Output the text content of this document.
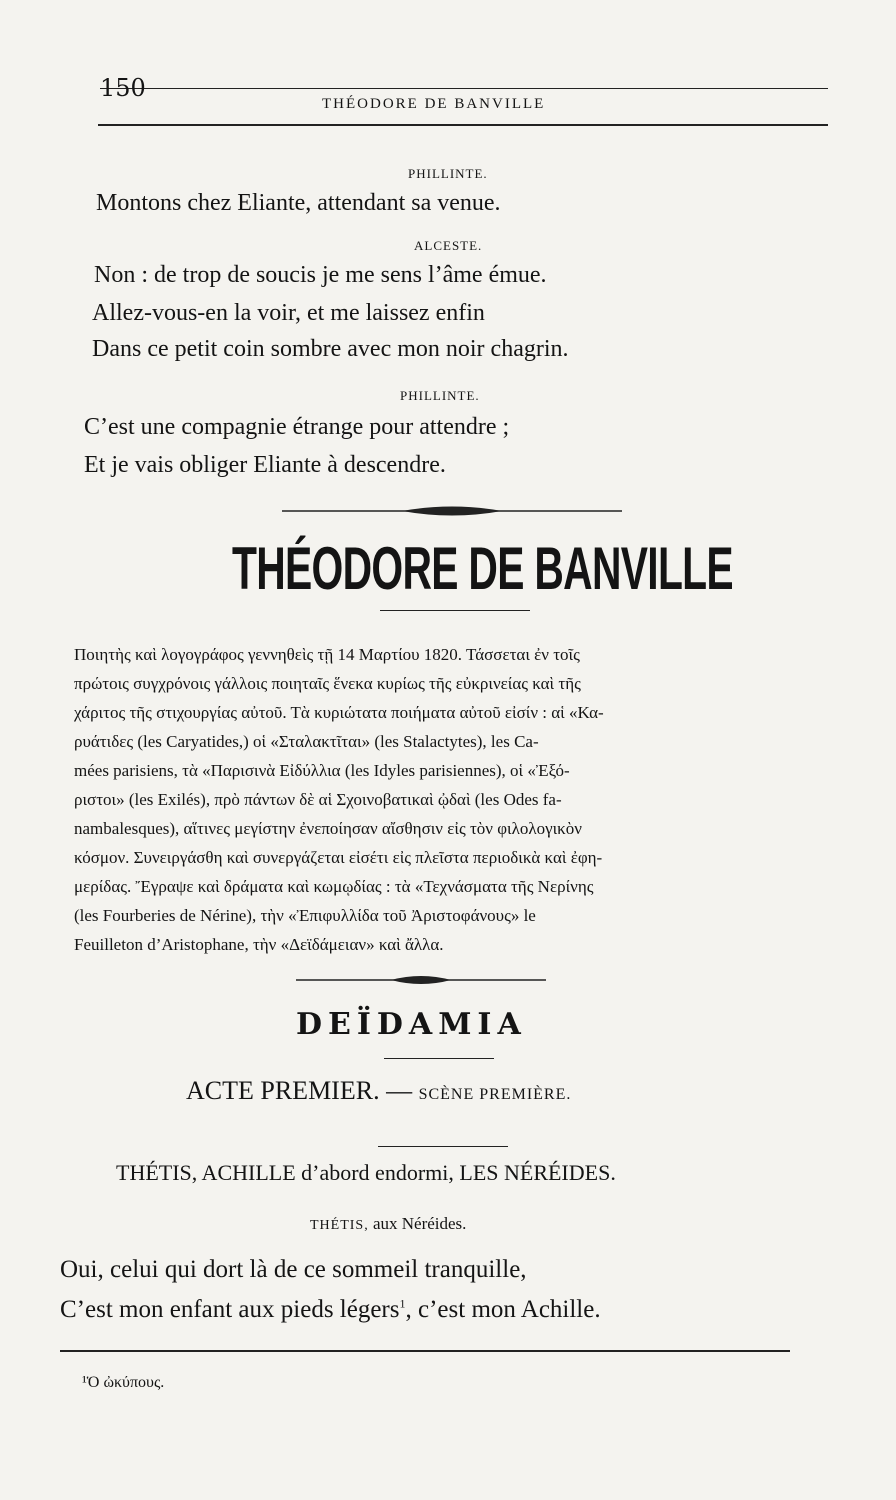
150
THÉODORE DE BANVILLE
PHILLINTE.
Montons chez Eliante, attendant sa venue.
ALCESTE.
Non : de trop de soucis je me sens l’âme émue.
Allez-vous-en la voir, et me laissez enfin
Dans ce petit coin sombre avec mon noir chagrin.
PHILLINTE.
C’est une compagnie étrange pour attendre ;
Et je vais obliger Eliante à descendre.
THÉODORE DE BANVILLE
Ποιητὴς καὶ λογογράφος γεννηθεὶς τῇ 14 Μαρτίου 1820. Τάσσεται ἐν τοῖς
πρώτοις συγχρόνοις γάλλοις ποιηταῖς ἕνεκα κυρίως τῆς εὐκρινείας καὶ τῆς
χάριτος τῆς στιχουργίας αὐτοῦ. Τὰ κυριώτατα ποιήματα αὐτοῦ εἰσίν : αἱ «Κα-
ρυάτιδες (les Caryatides,) οἱ «Σταλακτῖται» (les Stalactytes), les Ca-
mées parisiens, τὰ «Παρισινὰ Εἰδύλλια (les Idyles parisiennes), οἱ «Ἐξό-
ριστοι» (les Exilés), πρὸ πάντων δὲ αἱ Σχοινοβατικαὶ ᾠδαὶ (les Odes fa-
nambalesques), αἵτινες μεγίστην ἐνεποίησαν αἴσθησιν εἰς τὸν φιλολογικὸν
κόσμον. Συνειργάσθη καὶ συνεργάζεται εἰσέτι εἰς πλεῖστα περιοδικὰ καὶ ἐφη-
μερίδας. Ἔγραψε καὶ δράματα καὶ κωμῳδίας : τὰ «Τεχνάσματα τῆς Νερίνης
(les Fourberies de Nérine), τὴν «Ἐπιφυλλίδα τοῦ Ἀριστοφάνους» le
Feuilleton d’Aristophane, τὴν «Δεϊδάμειαν» καὶ ἄλλα.
DEÏDAMIA
ACTE PREMIER. — SCÈNE PREMIÈRE.
THÉTIS, ACHILLE d’abord endormi, LES NÉRÉIDES.
THÉTIS, aux Néréides.
Oui, celui qui dort là de ce sommeil tranquille,
C’est mon enfant aux pieds légers$^1$, c’est mon Achille.
¹Ὁ ὠκύπους.
